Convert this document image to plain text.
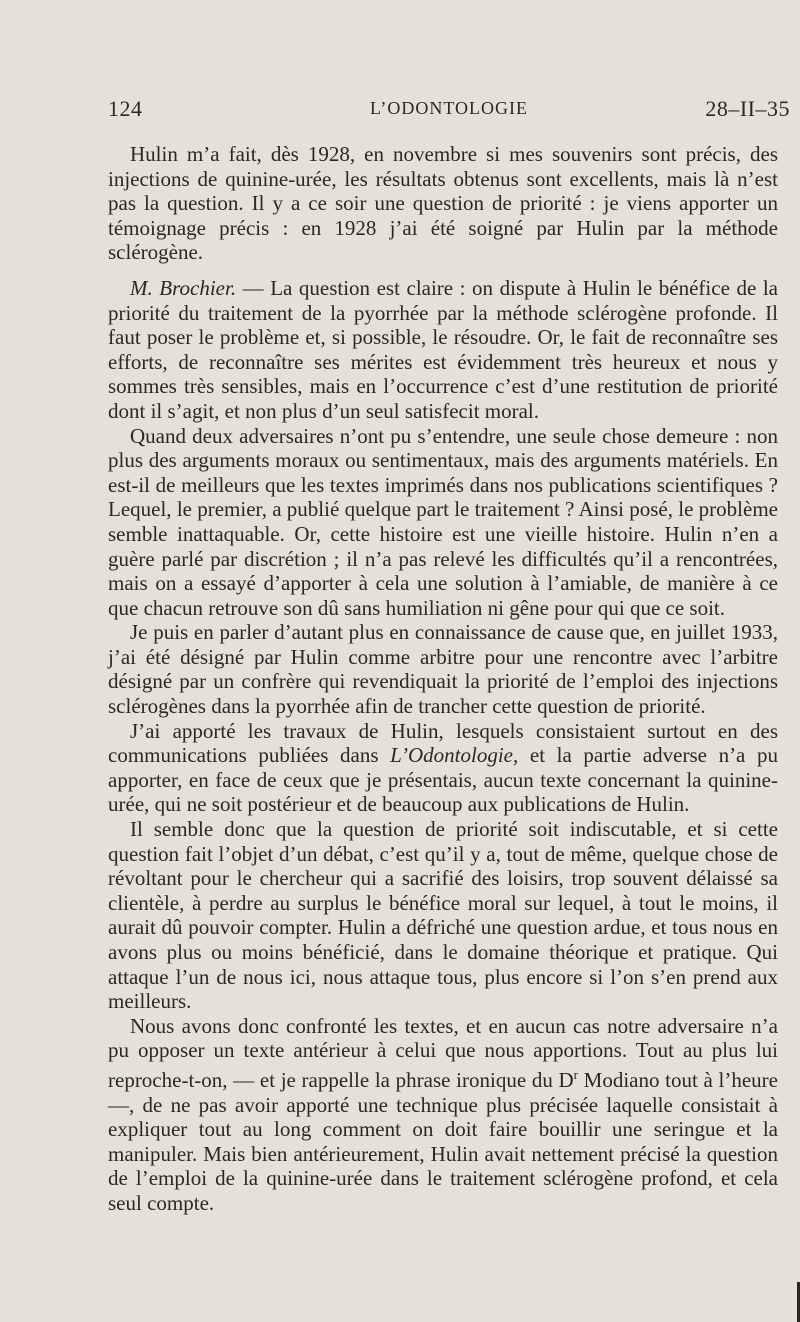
124	L’ODONTOLOGIE	28–II–35

Hulin m’a fait, dès 1928, en novembre si mes souvenirs sont précis, des injections de quinine-urée, les résultats obtenus sont excellents, mais là n’est pas la question. Il y a ce soir une question de priorité : je viens apporter un témoignage précis : en 1928 j’ai été soigné par Hulin par la méthode sclérogène.

M. Brochier. — La question est claire : on dispute à Hulin le bénéfice de la priorité du traitement de la pyorrhée par la méthode sclérogène profonde. Il faut poser le problème et, si possible, le résoudre. Or, le fait de reconnaître ses efforts, de reconnaître ses mérites est évidemment très heureux et nous y sommes très sensibles, mais en l’occurrence c’est d’une restitution de priorité dont il s’agit, et non plus d’un seul satisfecit moral.

Quand deux adversaires n’ont pu s’entendre, une seule chose demeure : non plus des arguments moraux ou sentimentaux, mais des arguments matériels. En est-il de meilleurs que les textes imprimés dans nos publications scientifiques ? Lequel, le premier, a publié quelque part le traitement ? Ainsi posé, le problème semble inattaquable. Or, cette histoire est une vieille histoire. Hulin n’en a guère parlé par discrétion ; il n’a pas relevé les difficultés qu’il a rencontrées, mais on a essayé d’apporter à cela une solution à l’amiable, de manière à ce que chacun retrouve son dû sans humiliation ni gêne pour qui que ce soit.

Je puis en parler d’autant plus en connaissance de cause que, en juillet 1933, j’ai été désigné par Hulin comme arbitre pour une rencontre avec l’arbitre désigné par un confrère qui revendiquait la priorité de l’emploi des injections sclérogènes dans la pyorrhée afin de trancher cette question de priorité.

J’ai apporté les travaux de Hulin, lesquels consistaient surtout en des communications publiées dans L’Odontologie, et la partie adverse n’a pu apporter, en face de ceux que je présentais, aucun texte concernant la quinine-urée, qui ne soit postérieur et de beaucoup aux publications de Hulin.

Il semble donc que la question de priorité soit indiscutable, et si cette question fait l’objet d’un débat, c’est qu’il y a, tout de même, quelque chose de révoltant pour le chercheur qui a sacrifié des loisirs, trop souvent délaissé sa clientèle, à perdre au surplus le bénéfice moral sur lequel, à tout le moins, il aurait dû pouvoir compter. Hulin a défriché une question ardue, et tous nous en avons plus ou moins bénéficié, dans le domaine théorique et pratique. Qui attaque l’un de nous ici, nous attaque tous, plus encore si l’on s’en prend aux meilleurs.

Nous avons donc confronté les textes, et en aucun cas notre adversaire n’a pu opposer un texte antérieur à celui que nous apportions. Tout au plus lui reproche-t-on, — et je rappelle la phrase ironique du $D^r$ Modiano tout à l’heure —, de ne pas avoir apporté une technique plus précisée laquelle consistait à expliquer tout au long comment on doit faire bouillir une seringue et la manipuler. Mais bien antérieurement, Hulin avait nettement précisé la question de l’emploi de la quinine-urée dans le traitement sclérogène profond, et cela seul compte.
